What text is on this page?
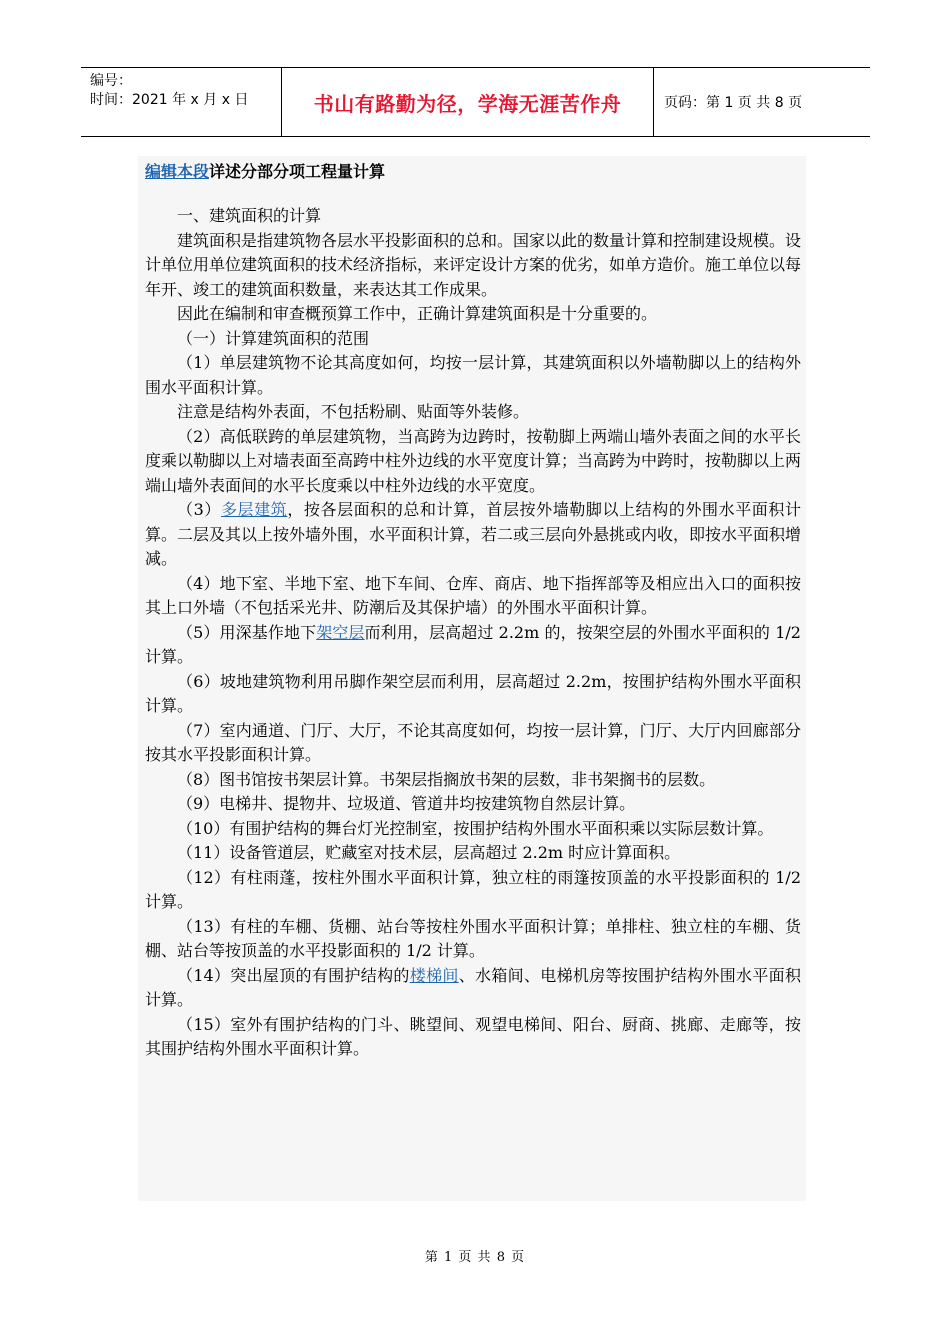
编号：
时间：2021 年 x 月 x 日	书山有路勤为径，学海无涯苦作舟	页码：第 1 页 共 8 页
编辑本段详述分部分项工程量计算

一、建筑面积的计算

建筑面积是指建筑物各层水平投影面积的总和。国家以此的数量计算和控制建设规模。设计单位用单位建筑面积的技术经济指标，来评定设计方案的优劣，如单方造价。施工单位以每年开、竣工的建筑面积数量，来表达其工作成果。

因此在编制和审查概预算工作中，正确计算建筑面积是十分重要的。

（一）计算建筑面积的范围

（1）单层建筑物不论其高度如何，均按一层计算，其建筑面积以外墙勒脚以上的结构外围水平面积计算。

注意是结构外表面，不包括粉刷、贴面等外装修。

（2）高低联跨的单层建筑物，当高跨为边跨时，按勒脚上两端山墙外表面之间的水平长度乘以勒脚以上对墙表面至高跨中柱外边线的水平宽度计算；当高跨为中跨时，按勒脚以上两端山墙外表面间的水平长度乘以中柱外边线的水平宽度。

（3）多层建筑，按各层面积的总和计算，首层按外墙勒脚以上结构的外围水平面积计算。二层及其以上按外墙外围，水平面积计算，若二或三层向外悬挑或内收，即按水平面积增减。

（4）地下室、半地下室、地下车间、仓库、商店、地下指挥部等及相应出入口的面积按其上口外墙（不包括采光井、防潮后及其保护墙）的外围水平面积计算。

（5）用深基作地下架空层而利用，层高超过 2.2m 的，按架空层的外围水平面积的 1/2 计算。

（6）坡地建筑物利用吊脚作架空层而利用，层高超过 2.2m，按围护结构外围水平面积计算。

（7）室内通道、门厅、大厅，不论其高度如何，均按一层计算，门厅、大厅内回廊部分按其水平投影面积计算。

（8）图书馆按书架层计算。书架层指搁放书架的层数，非书架搁书的层数。

（9）电梯井、提物井、垃圾道、管道井均按建筑物自然层计算。

（10）有围护结构的舞台灯光控制室，按围护结构外围水平面积乘以实际层数计算。

（11）设备管道层，贮藏室对技术层，层高超过 2.2m 时应计算面积。

（12）有柱雨蓬，按柱外围水平面积计算，独立柱的雨篷按顶盖的水平投影面积的 1/2 计算。

（13）有柱的车棚、货棚、站台等按柱外围水平面积计算；单排柱、独立柱的车棚、货棚、站台等按顶盖的水平投影面积的 1/2 计算。

（14）突出屋顶的有围护结构的楼梯间、水箱间、电梯机房等按围护结构外围水平面积计算。

（15）室外有围护结构的门斗、眺望间、观望电梯间、阳台、厨商、挑廊、走廊等，按其围护结构外围水平面积计算。

第 1 页 共 8 页
